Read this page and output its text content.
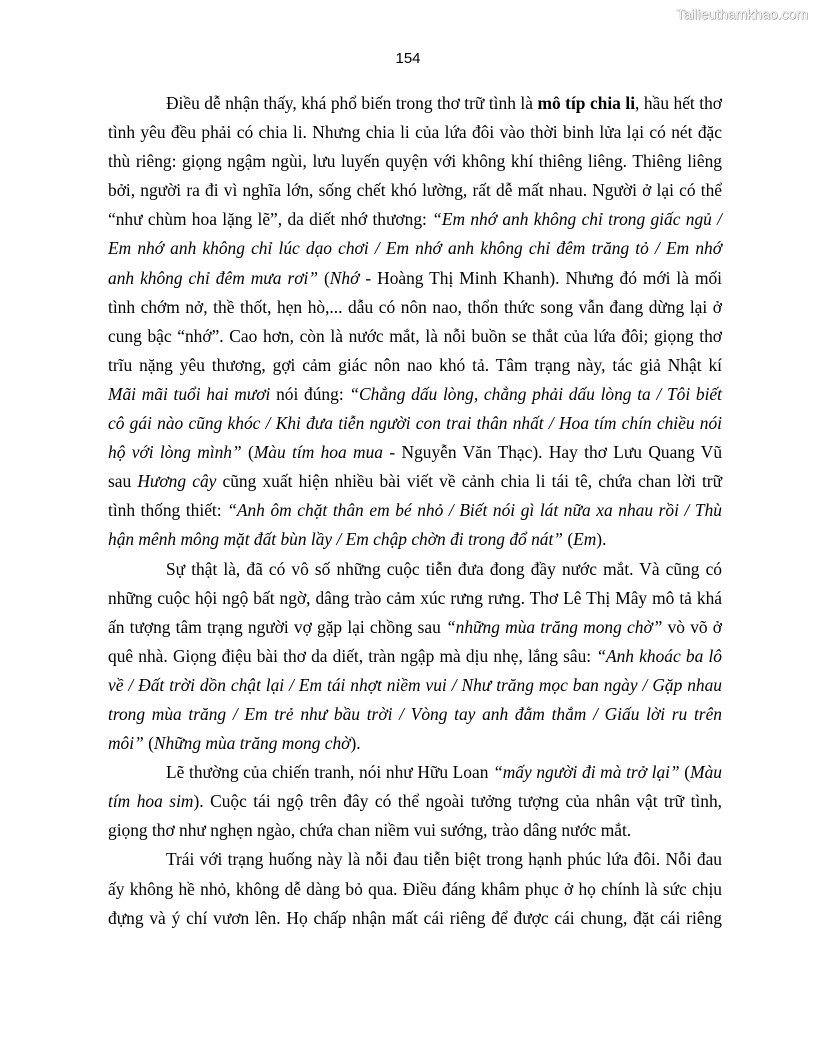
Tailieuthamkhao.com
154
Điều dễ nhận thấy, khá phổ biến trong thơ trữ tình là mô típ chia li, hầu hết thơ
tình yêu đều phải có chia li. Nhưng chia li của lứa đôi vào thời binh lửa lại có nét đặc
thù riêng: giọng ngậm ngùi, lưu luyến quyện với không khí thiêng liêng. Thiêng liêng
bởi, người ra đi vì nghĩa lớn, sống chết khó lường, rất dễ mất nhau. Người ở lại có thể
“như chùm hoa lặng lẽ”, da diết nhớ thương: “Em nhớ anh không chỉ trong giấc ngủ /
Em nhớ anh không chỉ lúc dạo chơi / Em nhớ anh không chỉ đêm trăng tỏ / Em nhớ
anh không chỉ đêm mưa rơi” (Nhớ - Hoàng Thị Minh Khanh). Nhưng đó mới là mối
tình chớm nở, thề thốt, hẹn hò,... dẫu có nôn nao, thổn thức song vẫn đang dừng lại ở
cung bậc “nhớ”. Cao hơn, còn là nước mắt, là nỗi buồn se thắt của lứa đôi; giọng thơ
trĩu nặng yêu thương, gợi cảm giác nôn nao khó tả. Tâm trạng này, tác giả Nhật kí
Mãi mãi tuổi hai mươi nói đúng: “Chẳng dấu lòng, chẳng phải dấu lòng ta / Tôi biết
cô gái nào cũng khóc / Khi đưa tiễn người con trai thân nhất / Hoa tím chín chiều nói
hộ với lòng mình” (Màu tím hoa mua - Nguyễn Văn Thạc). Hay thơ Lưu Quang Vũ
sau Hương cây cũng xuất hiện nhiều bài viết về cảnh chia li tái tê, chứa chan lời trữ
tình thống thiết: “Anh ôm chặt thân em bé nhỏ / Biết nói gì lát nữa xa nhau rồi / Thù
hận mênh mông mặt đất bùn lầy / Em chập chờn đi trong đổ nát” (Em).
Sự thật là, đã có vô số những cuộc tiễn đưa đong đầy nước mắt. Và cũng có
những cuộc hội ngộ bất ngờ, dâng trào cảm xúc rưng rưng. Thơ Lê Thị Mây mô tả khá
ấn tượng tâm trạng người vợ gặp lại chồng sau “những mùa trăng mong chờ” vò võ ở
quê nhà. Giọng điệu bài thơ da diết, tràn ngập mà dịu nhẹ, lắng sâu: “Anh khoác ba lô
về / Đất trời dồn chật lại / Em tái nhợt niềm vui / Như trăng mọc ban ngày / Gặp nhau
trong mùa trăng / Em trẻ như bầu trời / Vòng tay anh đằm thắm / Giấu lời ru trên
môi” (Những mùa trăng mong chờ).
Lẽ thường của chiến tranh, nói như Hữu Loan “mấy người đi mà trở lại” (Màu
tím hoa sim). Cuộc tái ngộ trên đây có thể ngoài tưởng tượng của nhân vật trữ tình,
giọng thơ như nghẹn ngào, chứa chan niềm vui sướng, trào dâng nước mắt.
Trái với trạng huống này là nỗi đau tiễn biệt trong hạnh phúc lứa đôi. Nỗi đau
ấy không hề nhỏ, không dễ dàng bỏ qua. Điều đáng khâm phục ở họ chính là sức chịu
đựng và ý chí vươn lên. Họ chấp nhận mất cái riêng để được cái chung, đặt cái riêng
